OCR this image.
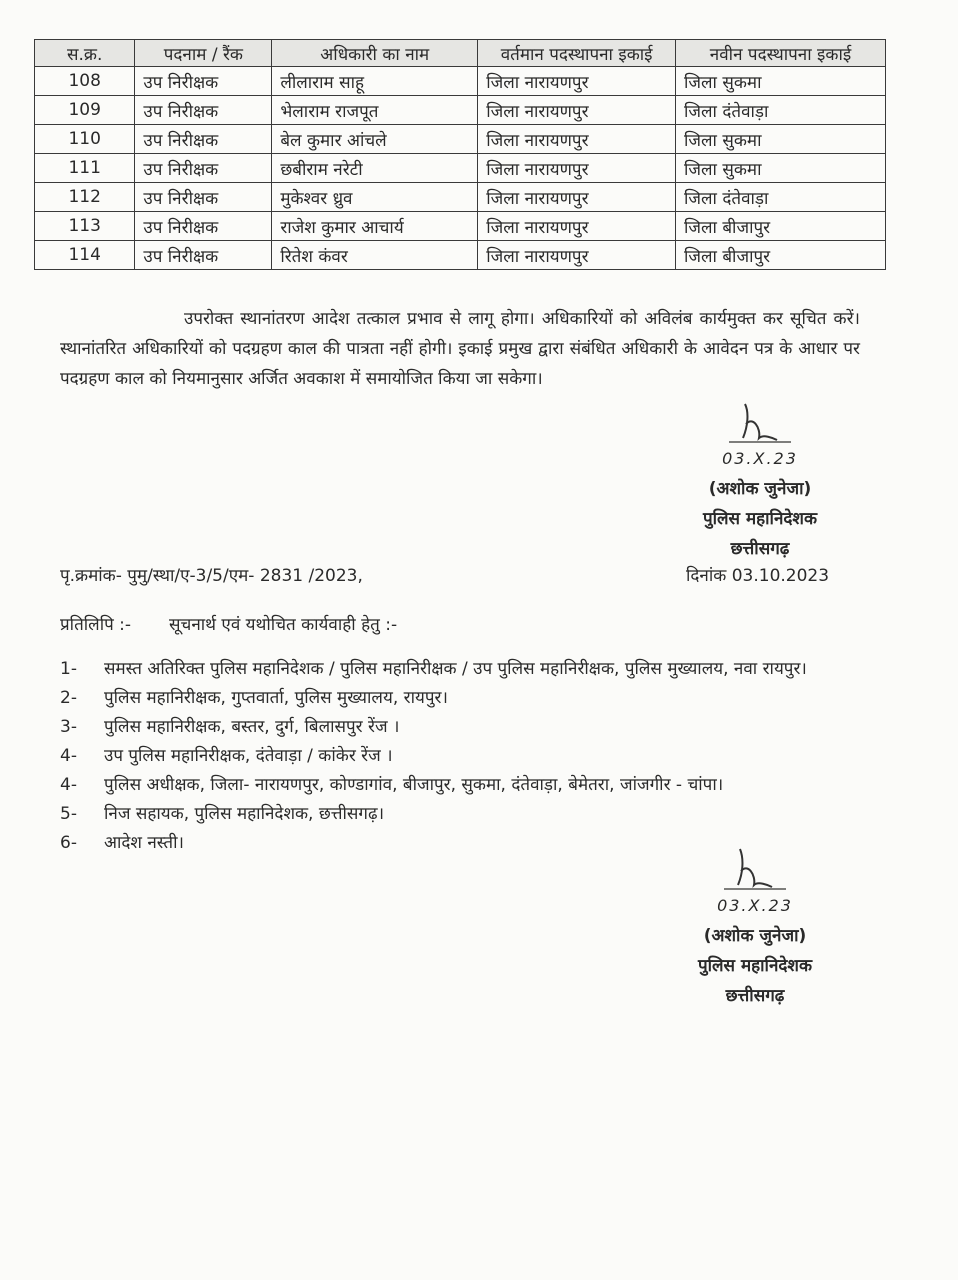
स.क्र.	पदनाम / रैंक	अधिकारी का नाम	वर्तमान पदस्थापना इकाई	नवीन पदस्थापना इकाई
108	उप निरीक्षक	लीलाराम साहू	जिला नारायणपुर	जिला सुकमा
109	उप निरीक्षक	भेलाराम राजपूत	जिला नारायणपुर	जिला दंतेवाड़ा
110	उप निरीक्षक	बेल कुमार आंचले	जिला नारायणपुर	जिला सुकमा
111	उप निरीक्षक	छबीराम नरेटी	जिला नारायणपुर	जिला सुकमा
112	उप निरीक्षक	मुकेश्वर ध्रुव	जिला नारायणपुर	जिला दंतेवाड़ा
113	उप निरीक्षक	राजेश कुमार आचार्य	जिला नारायणपुर	जिला बीजापुर
114	उप निरीक्षक	रितेश कंवर	जिला नारायणपुर	जिला बीजापुर
उपरोक्त स्थानांतरण आदेश तत्काल प्रभाव से लागू होगा। अधिकारियों को अविलंब कार्यमुक्त कर सूचित करें। स्थानांतरित अधिकारियों को पदग्रहण काल की पात्रता नहीं होगी। इकाई प्रमुख द्वारा संबंधित अधिकारी के आवेदन पत्र के आधार पर पदग्रहण काल को नियमानुसार अर्जित अवकाश में समायोजित किया जा सकेगा।
03.X.23
(अशोक जुनेजा)
पुलिस महानिदेशक
छत्तीसगढ़
पृ.क्रमांक- पुमु/स्था/ए-3/5/एम- 2831 /2023,	दिनांक 03.10.2023
प्रतिलिपि :- सूचनार्थ एवं यथोचित कार्यवाही हेतु :-
1-	समस्त अतिरिक्त पुलिस महानिदेशक / पुलिस महानिरीक्षक / उप पुलिस महानिरीक्षक, पुलिस मुख्यालय, नवा रायपुर।
2-	पुलिस महानिरीक्षक, गुप्तवार्ता, पुलिस मुख्यालय, रायपुर।
3-	पुलिस महानिरीक्षक, बस्तर, दुर्ग, बिलासपुर रेंज ।
4-	उप पुलिस महानिरीक्षक, दंतेवाड़ा / कांकेर रेंज ।
4-	पुलिस अधीक्षक, जिला- नारायणपुर, कोण्डागांव, बीजापुर, सुकमा, दंतेवाड़ा, बेमेतरा, जांजगीर - चांपा।
5-	निज सहायक, पुलिस महानिदेशक, छत्तीसगढ़।
6-	आदेश नस्ती।
03.X.23
(अशोक जुनेजा)
पुलिस महानिदेशक
छत्तीसगढ़
